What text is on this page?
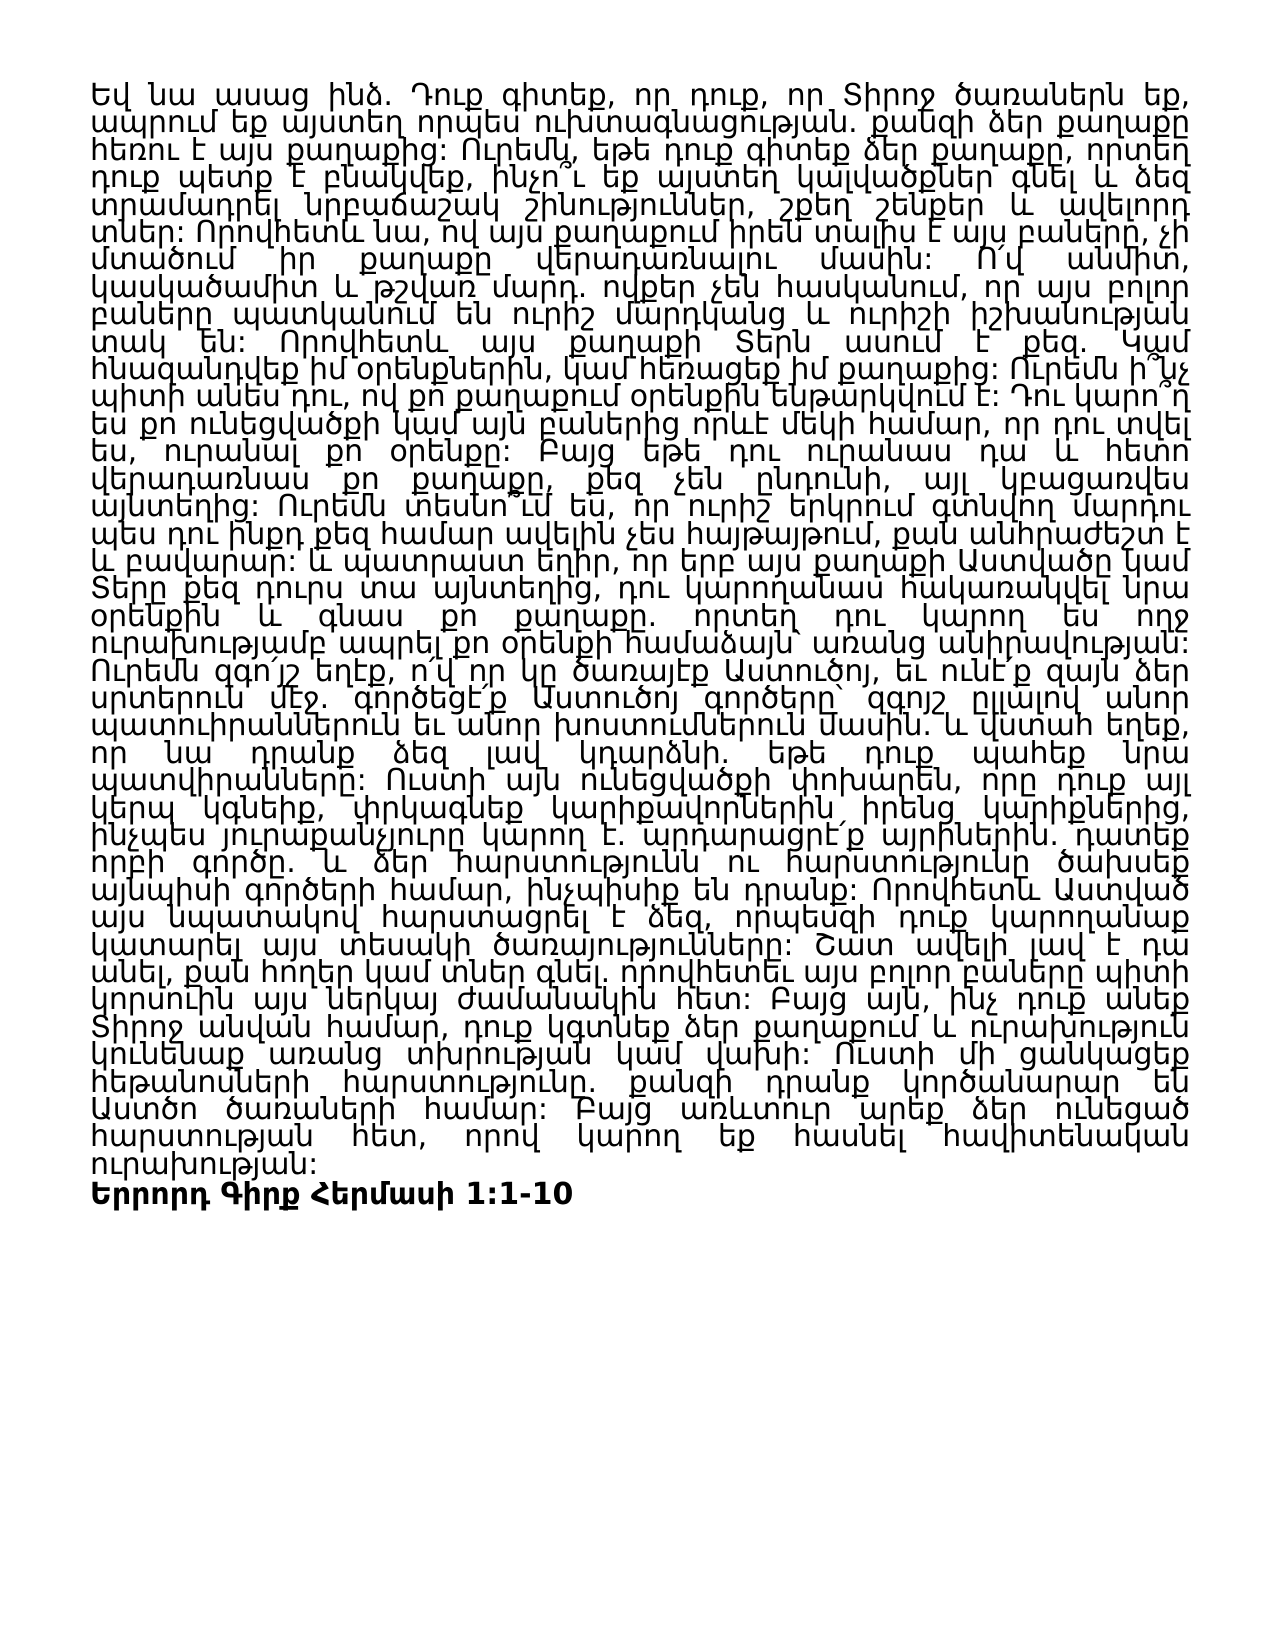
Եվ նա ասաց ինձ. Դուք գիտեք, որ դուք, որ Տիրոջ ծառաներն եք, ապրում եք այստեղ որպես ուխտագնացության. քանզի ձեր քաղաքը հեռու է այս քաղաքից: Ուրեմն, եթե դուք գիտեք ձեր քաղաքը, որտեղ դուք պետք է բնակվեք, ինչո՞ւ եք այստեղ կալվածքներ գնել և ձեզ տրամադրել նրբաճաշակ շինություններ, շքեղ շենքեր և ավելորդ տներ: Որովհետև նա, ով այս քաղաքում իրեն տալիս է այս բաները, չի մտածում իր քաղաքը վերադառնալու մասին: Ո՛վ անմիտ, կասկածամիտ և թշվառ մարդ. ովքեր չեն հասկանում, որ այս բոլոր բաները պատկանում են ուրիշ մարդկանց և ուրիշի իշխանության տակ են: Որովհետև այս քաղաքի Տերն ասում է քեզ. Կամ հնազանդվեք իմ օրենքներին, կամ հեռացեք իմ քաղաքից: Ուրեմն ի՞նչ պիտի անես դու, ով քո քաղաքում օրենքին ենթարկվում է: Դու կարո՞ղ ես քո ունեցվածքի կամ այն բաներից որևէ մեկի համար, որ դու տվել ես, ուրանալ քո օրենքը: Բայց եթե դու ուրանաս դա և հետո վերադառնաս քո քաղաքը, քեզ չեն ընդունի, այլ կբացառվես այնտեղից: Ուրեմն տեսնո՞ւմ ես, որ ուրիշ երկրում գտնվող մարդու պես դու ինքդ քեզ համար ավելին չես հայթայթում, քան անհրաժեշտ է և բավարար: և պատրաստ եղիր, որ երբ այս քաղաքի Աստվածը կամ Տերը քեզ դուրս տա այնտեղից, դու կարողանաս հակառակվել նրա օրենքին և գնաս քո քաղաքը. որտեղ դու կարող ես ողջ ուրախությամբ ապրել քո օրենքի համաձայն՝ առանց անիրավության: Ուրեմն զգո՛յշ եղէք, ո՛վ որ կը ծառայէք Աստուծոյ, եւ ունէ՛ք զայն ձեր սրտերուն մէջ. գործեցէ՛ք Աստուծոյ գործերը՝ զգոյշ ըլլալով անոր պատուիրաններուն եւ անոր խոստումներուն մասին. և վստահ եղեք, որ նա դրանք ձեզ լավ կդարձնի. եթե դուք պահեք նրա պատվիրանները: Ուստի այն ունեցվածքի փոխարեն, որը դուք այլ կերպ կգնեիք, փրկագնեք կարիքավորներին իրենց կարիքներից, ինչպես յուրաքանչյուրը կարող է. արդարացրէ՛ք այրիներին. դատեք որբի գործը. և ձեր հարստությունն ու հարստությունը ծախսեք այնպիսի գործերի համար, ինչպիսիք են դրանք: Որովհետև Աստված այս նպատակով հարստացրել է ձեզ, որպեսզի դուք կարողանաք կատարել այս տեսակի ծառայությունները: Շատ ավելի լավ է դա անել, քան հողեր կամ տներ գնել. որովհետեւ այս բոլոր բաները պիտի կորսուին այս ներկայ ժամանակին հետ: Բայց այն, ինչ դուք անեք Տիրոջ անվան համար, դուք կգտնեք ձեր քաղաքում և ուրախություն կունենաք առանց տխրության կամ վախի: Ուստի մի ցանկացեք հեթանոսների հարստությունը. քանզի դրանք կործանարար են Աստծո ծառաների համար: Բայց առևտուր արեք ձեր ունեցած հարստության հետ, որով կարող եք հասնել հավիտենական ուրախության:

Երրորդ Գիրք Հերմասի 1:1-10
